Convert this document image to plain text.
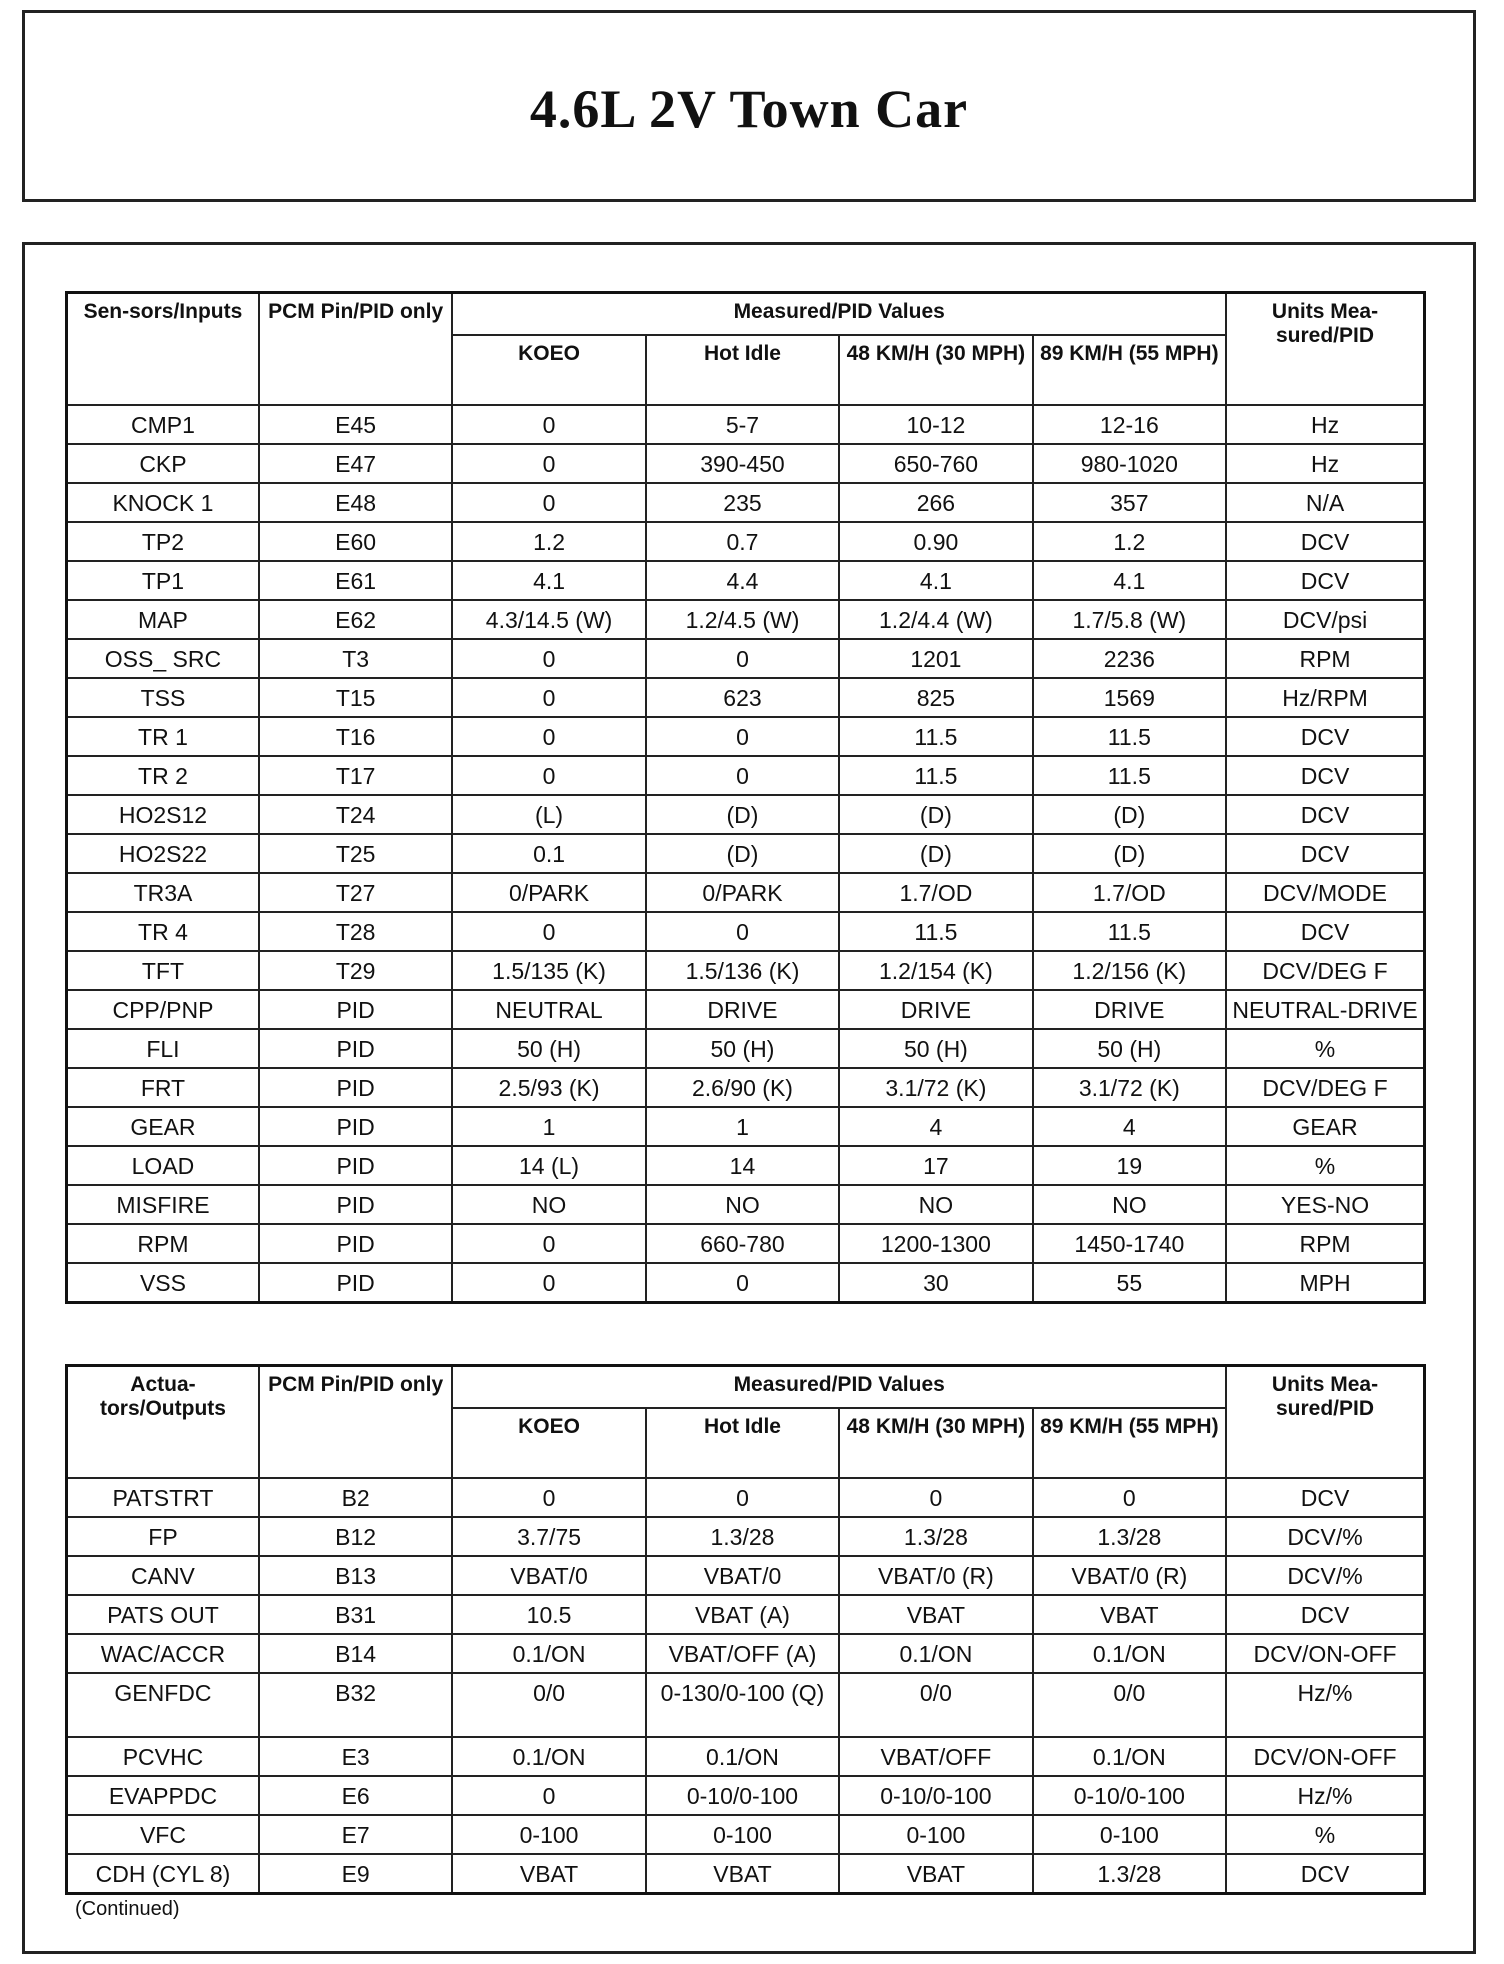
4.6L 2V Town Car
Sen-sors/Inputs	PCM Pin/PID only	Measured/PID Values				Units Mea-sured/PID
		KOEO	Hot Idle	48 KM/H (30 MPH)	89 KM/H (55 MPH)	
CMP1	E45	0	5-7	10-12	12-16	Hz
CKP	E47	0	390-450	650-760	980-1020	Hz
KNOCK 1	E48	0	235	266	357	N/A
TP2	E60	1.2	0.7	0.90	1.2	DCV
TP1	E61	4.1	4.4	4.1	4.1	DCV
MAP	E62	4.3/14.5 (W)	1.2/4.5 (W)	1.2/4.4 (W)	1.7/5.8 (W)	DCV/psi
OSS_ SRC	T3	0	0	1201	2236	RPM
TSS	T15	0	623	825	1569	Hz/RPM
TR 1	T16	0	0	11.5	11.5	DCV
TR 2	T17	0	0	11.5	11.5	DCV
HO2S12	T24	(L)	(D)	(D)	(D)	DCV
HO2S22	T25	0.1	(D)	(D)	(D)	DCV
TR3A	T27	0/PARK	0/PARK	1.7/OD	1.7/OD	DCV/MODE
TR 4	T28	0	0	11.5	11.5	DCV
TFT	T29	1.5/135 (K)	1.5/136 (K)	1.2/154 (K)	1.2/156 (K)	DCV/DEG F
CPP/PNP	PID	NEUTRAL	DRIVE	DRIVE	DRIVE	NEUTRAL-DRIVE
FLI	PID	50 (H)	50 (H)	50 (H)	50 (H)	%
FRT	PID	2.5/93 (K)	2.6/90 (K)	3.1/72 (K)	3.1/72 (K)	DCV/DEG F
GEAR	PID	1	1	4	4	GEAR
LOAD	PID	14 (L)	14	17	19	%
MISFIRE	PID	NO	NO	NO	NO	YES-NO
RPM	PID	0	660-780	1200-1300	1450-1740	RPM
VSS	PID	0	0	30	55	MPH
Actua-tors/Outputs	PCM Pin/PID only	Measured/PID Values				Units Mea-sured/PID
		KOEO	Hot Idle	48 KM/H (30 MPH)	89 KM/H (55 MPH)	
PATSTRT	B2	0	0	0	0	DCV
FP	B12	3.7/75	1.3/28	1.3/28	1.3/28	DCV/%
CANV	B13	VBAT/0	VBAT/0	VBAT/0 (R)	VBAT/0 (R)	DCV/%
PATS OUT	B31	10.5	VBAT (A)	VBAT	VBAT	DCV
WAC/ACCR	B14	0.1/ON	VBAT/OFF (A)	0.1/ON	0.1/ON	DCV/ON-OFF
GENFDC	B32	0/0	0-130/0-100 (Q)	0/0	0/0	Hz/%
PCVHC	E3	0.1/ON	0.1/ON	VBAT/OFF	0.1/ON	DCV/ON-OFF
EVAPPDC	E6	0	0-10/0-100	0-10/0-100	0-10/0-100	Hz/%
VFC	E7	0-100	0-100	0-100	0-100	%
CDH (CYL 8)	E9	VBAT	VBAT	VBAT	1.3/28	DCV
(Continued)
